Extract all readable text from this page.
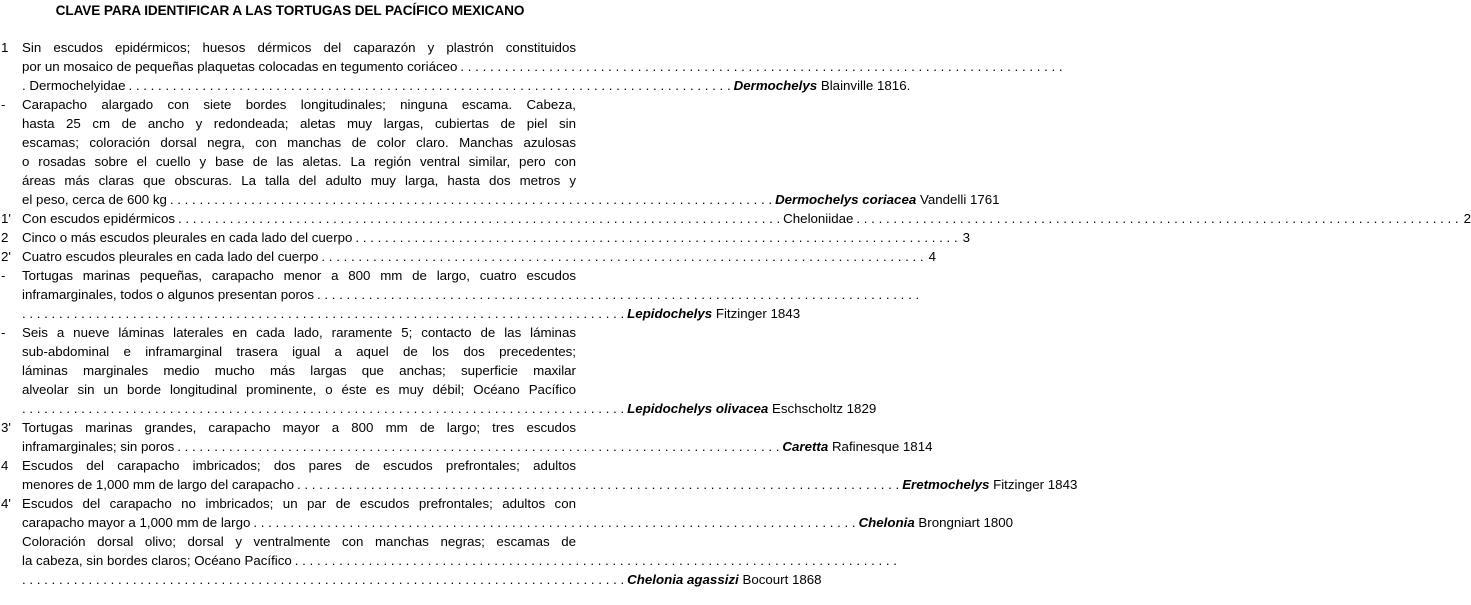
CLAVE PARA IDENTIFICAR A LAS TORTUGAS DEL PACÍFICO MEXICANO
1 Sin escudos epidérmicos; huesos dérmicos del caparazón y plastrón constituidos
por un mosaico de pequeñas plaquetas colocadas en tegumento coriáceo . . . . . . . . . . . . . . . . . . . . . . . . . . . . . . . . . . . . . . . . . . . . . . . . . . . . . . . . . . . . . . . . . . . . . . . . . . . . . . . . . .
. Dermochelyidae . . . . . . . . . . . . . . . . . . . . . . . . . . . . . . . . . . . . . . . . . . . . . . . . . . . . . . . . . . . . . . . . . . . . . . . . . . . . . . . . . . Dermochelys Blainville 1816.
- Carapacho alargado con siete bordes longitudinales; ninguna escama. Cabeza,
hasta 25 cm de ancho y redondeada; aletas muy largas, cubiertas de piel sin
escamas; coloración dorsal negra, con manchas de color claro. Manchas azulosas
o rosadas sobre el cuello y base de las aletas. La región ventral similar, pero con
áreas más claras que obscuras. La talla del adulto muy larga, hasta dos metros y
el peso, cerca de 600 kg . . . . . . . . . . . . . . . . . . . . . . . . . . . . . . . . . . . . . . . . . . . . . . . . . . . . . . . . . . . . . . . . . . . . . . . . . . . . . . . . . . Dermochelys coriacea Vandelli 1761
1' Con escudos epidérmicos . . . . . . . . . . . . . . . . . . . . . . . . . . . . . . . . . . . . . . . . . . . . . . . . . . . . . . . . . . . . . . . . . . . . . . . . . . . . . . . . . . Cheloniidae . . . . . . . . . . . . . . . . . . . . . . . . . . . . . . . . . . . . . . . . . . . . . . . . . . . . . . . . . . . . . . . . . . . . . . . . . . . . . . . . . . 2
2 Cinco o más escudos pleurales en cada lado del cuerpo . . . . . . . . . . . . . . . . . . . . . . . . . . . . . . . . . . . . . . . . . . . . . . . . . . . . . . . . . . . . . . . . . . . . . . . . . . . . . . . . . . 3
2' Cuatro escudos pleurales en cada lado del cuerpo . . . . . . . . . . . . . . . . . . . . . . . . . . . . . . . . . . . . . . . . . . . . . . . . . . . . . . . . . . . . . . . . . . . . . . . . . . . . . . . . . . 4
- Tortugas marinas pequeñas, carapacho menor a 800 mm de largo, cuatro escudos
inframarginales, todos o algunos presentan poros . . . . . . . . . . . . . . . . . . . . . . . . . . . . . . . . . . . . . . . . . . . . . . . . . . . . . . . . . . . . . . . . . . . . . . . . . . . . . . . . . .
. . . . . . . . . . . . . . . . . . . . . . . . . . . . . . . . . . . . . . . . . . . . . . . . . . . . . . . . . . . . . . . . . . . . . . . . . . . . . . . . . . Lepidochelys Fitzinger 1843
- Seis a nueve láminas laterales en cada lado, raramente 5; contacto de las láminas
sub-abdominal e inframarginal trasera igual a aquel de los dos precedentes;
láminas marginales medio mucho más largas que anchas; superficie maxilar
alveolar sin un borde longitudinal prominente, o éste es muy débil; Océano Pacífico
. . . . . . . . . . . . . . . . . . . . . . . . . . . . . . . . . . . . . . . . . . . . . . . . . . . . . . . . . . . . . . . . . . . . . . . . . . . . . . . . . . Lepidochelys olivacea Eschscholtz 1829
3' Tortugas marinas grandes, carapacho mayor a 800 mm de largo; tres escudos
inframarginales; sin poros . . . . . . . . . . . . . . . . . . . . . . . . . . . . . . . . . . . . . . . . . . . . . . . . . . . . . . . . . . . . . . . . . . . . . . . . . . . . . . . . . . Caretta Rafinesque 1814
4 Escudos del carapacho imbricados; dos pares de escudos prefrontales; adultos
menores de 1,000 mm de largo del carapacho . . . . . . . . . . . . . . . . . . . . . . . . . . . . . . . . . . . . . . . . . . . . . . . . . . . . . . . . . . . . . . . . . . . . . . . . . . . . . . . . . . Eretmochelys Fitzinger 1843
4' Escudos del carapacho no imbricados; un par de escudos prefrontales; adultos con
carapacho mayor a 1,000 mm de largo . . . . . . . . . . . . . . . . . . . . . . . . . . . . . . . . . . . . . . . . . . . . . . . . . . . . . . . . . . . . . . . . . . . . . . . . . . . . . . . . . . Chelonia Brongniart 1800
Coloración dorsal olivo; dorsal y ventralmente con manchas negras; escamas de
la cabeza, sin bordes claros; Océano Pacífico . . . . . . . . . . . . . . . . . . . . . . . . . . . . . . . . . . . . . . . . . . . . . . . . . . . . . . . . . . . . . . . . . . . . . . . . . . . . . . . . . .
. . . . . . . . . . . . . . . . . . . . . . . . . . . . . . . . . . . . . . . . . . . . . . . . . . . . . . . . . . . . . . . . . . . . . . . . . . . . . . . . . . Chelonia agassizi Bocourt 1868
